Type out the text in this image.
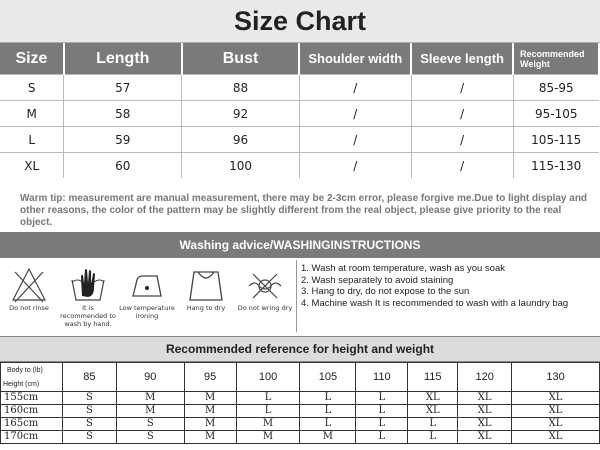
Size Chart
Size	Length	Bust	Shoulder width	Sleeve length	Recommended Weight
S	57	88	/	/	85-95
M	58	92	/	/	95-105
L	59	96	/	/	105-115
XL	60	100	/	/	115-130
Warm tip: measurement are manual measurement, there may be 2-3cm error, please forgive me.Due to light display and other reasons, the color of the pattern may be slightly different from the real object, please give priority to the real object.
Washing advice/WASHINGINSTRUCTIONS
Do not rinse	It is recommended to wash by hand.
Low temperature ironing
Hang to dry	Do not wring dry
1. Wash at room temperature, wash as you soak
2. Wash separately to avoid staining
3. Hang to dry, do not expose to the sun
4. Machine wash It is recommended to wash with a laundry bag
Recommended reference for height and weight
Body to (lb)
Height (cm)	85	90	95	100	105	110	115	120	130
155cm	S	M	M	L	L	L	XL	XL	XL
160cm	S	M	M	L	L	L	XL	XL	XL
165cm	S	S	M	M	L	L	L	XL	XL
170cm	S	S	M	M	M	L	L	XL	XL
